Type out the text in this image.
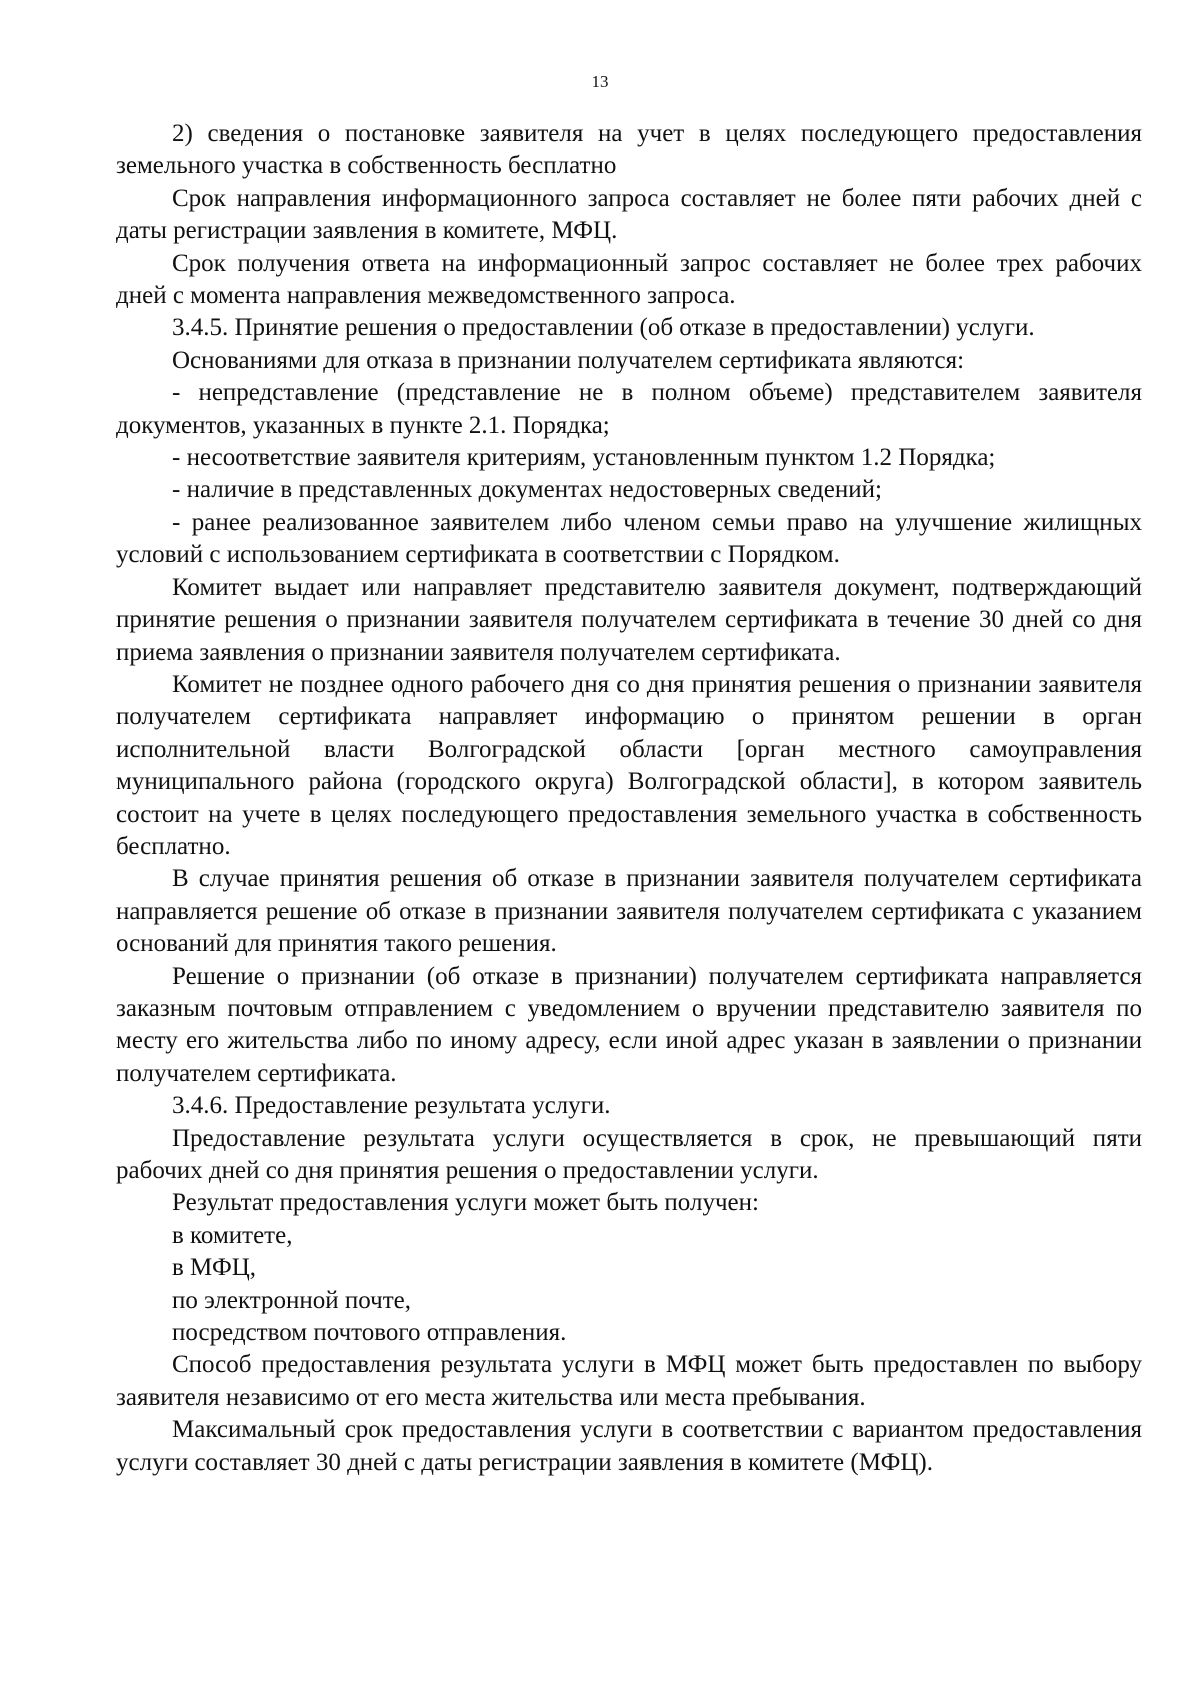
13

2) сведения о постановке заявителя на учет в целях последующего предоставления земельного участка в собственность бесплатно

Срок направления информационного запроса составляет не более пяти рабочих дней с даты регистрации заявления в комитете, МФЦ.

Срок получения ответа на информационный запрос составляет не более трех рабочих дней с момента направления межведомственного запроса.

3.4.5. Принятие решения о предоставлении (об отказе в предоставлении) услуги.

Основаниями для отказа в признании получателем сертификата являются:

- непредставление (представление не в полном объеме) представителем заявителя документов, указанных в пункте 2.1. Порядка;

- несоответствие заявителя критериям, установленным пунктом 1.2 Порядка;

- наличие в представленных документах недостоверных сведений;

- ранее реализованное заявителем либо членом семьи право на улучшение жилищных условий с использованием сертификата в соответствии с Порядком.

Комитет выдает или направляет представителю заявителя документ, подтверждающий принятие решения о признании заявителя получателем сертификата в течение 30 дней со дня приема заявления о признании заявителя получателем сертификата.

Комитет не позднее одного рабочего дня со дня принятия решения о признании заявителя получателем сертификата направляет информацию о принятом решении в орган исполнительной власти Волгоградской области [орган местного самоуправления муниципального района (городского округа) Волгоградской области], в котором заявитель состоит на учете в целях последующего предоставления земельного участка в собственность бесплатно.

В случае принятия решения об отказе в признании заявителя получателем сертификата направляется решение об отказе в признании заявителя получателем сертификата с указанием оснований для принятия такого решения.

Решение о признании (об отказе в признании) получателем сертификата направляется заказным почтовым отправлением с уведомлением о вручении представителю заявителя по месту его жительства либо по иному адресу, если иной адрес указан в заявлении о признании получателем сертификата.

3.4.6. Предоставление результата услуги.

Предоставление результата услуги осуществляется в срок, не превышающий пяти рабочих дней со дня принятия решения о предоставлении услуги.

Результат предоставления услуги может быть получен:

в комитете,

в МФЦ,

по электронной почте,

посредством почтового отправления.

Способ предоставления результата услуги в МФЦ может быть предоставлен по выбору заявителя независимо от его места жительства или места пребывания.

Максимальный срок предоставления услуги в соответствии с вариантом предоставления услуги составляет 30 дней с даты регистрации заявления в комитете (МФЦ).
